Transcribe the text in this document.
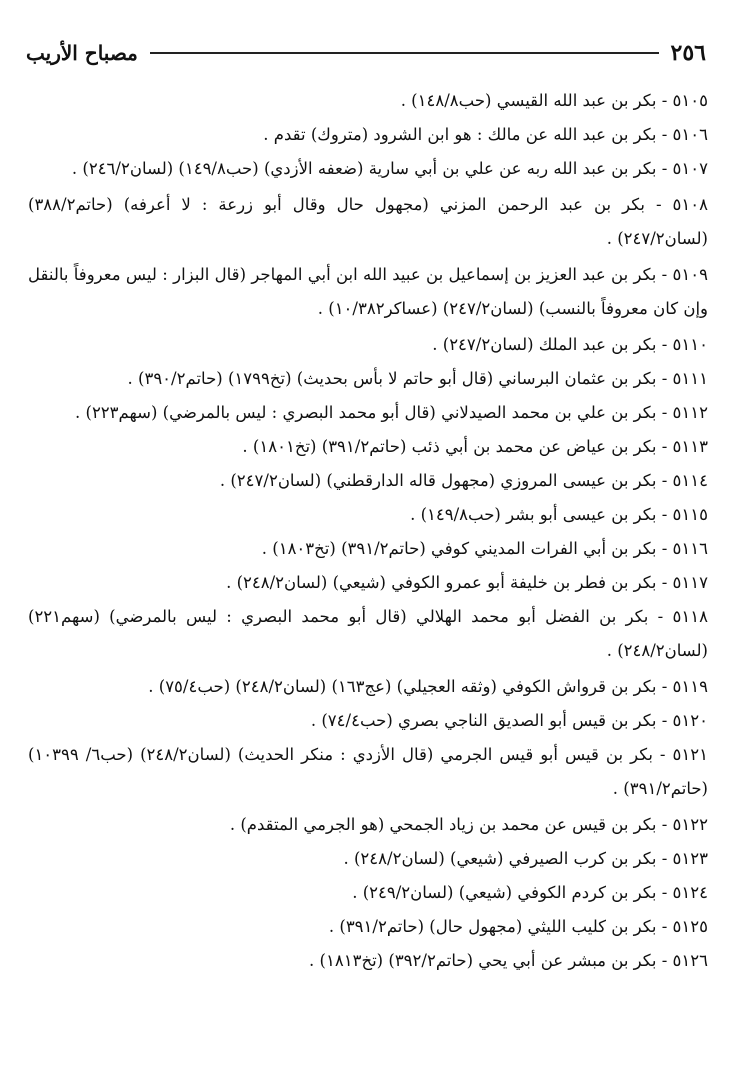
٢٥٦
مصباح الأريب
٥١٠٥ - بكر بن عبد الله القيسي (حب١٤٨/٨) .
٥١٠٦ - بكر بن عبد الله عن مالك : هو ابن الشرود (متروك) تقدم .
٥١٠٧ - بكر بن عبد الله ربه عن علي بن أبي سارية (ضعفه الأزدي) (حب١٤٩/٨) (لسان٢٤٦/٢) .
٥١٠٨ - بكر بن عبد الرحمن المزني (مجهول حال وقال أبو زرعة : لا أعرفه) (حاتم٣٨٨/٢) (لسان٢٤٧/٢) .
٥١٠٩ - بكر بن عبد العزيز بن إسماعيل بن عبيد الله ابن أبي المهاجر (قال البزار : ليس معروفاً بالنقل وإن كان معروفاً بالنسب) (لسان٢٤٧/٢) (عساكر١٠/٣٨٢) .
٥١١٠ - بكر بن عبد الملك (لسان٢٤٧/٢) .
٥١١١ - بكر بن عثمان البرساني (قال أبو حاتم لا بأس بحديث) (تخ١٧٩٩) (حاتم٣٩٠/٢) .
٥١١٢ - بكر بن علي بن محمد الصيدلاني (قال أبو محمد البصري : ليس بالمرضي) (سهم٢٢٣) .
٥١١٣ - بكر بن عياض عن محمد بن أبي ذئب (حاتم٣٩١/٢) (تخ١٨٠١) .
٥١١٤ - بكر بن عيسى المروزي (مجهول قاله الدارقطني) (لسان٢٤٧/٢) .
٥١١٥ - بكر بن عيسى أبو بشر (حب١٤٩/٨) .
٥١١٦ - بكر بن أبي الفرات المديني كوفي (حاتم٣٩١/٢) (تخ١٨٠٣) .
٥١١٧ - بكر بن فطر بن خليفة أبو عمرو الكوفي (شيعي) (لسان٢٤٨/٢) .
٥١١٨ - بكر بن الفضل أبو محمد الهلالي (قال أبو محمد البصري : ليس بالمرضي) (سهم٢٢١) (لسان٢٤٨/٢) .
٥١١٩ - بكر بن قرواش الكوفي (وثقه العجيلي) (عج١٦٣) (لسان٢٤٨/٢) (حب٧٥/٤) .
٥١٢٠ - بكر بن قيس أبو الصديق الناجي بصري (حب٧٤/٤) .
٥١٢١ - بكر بن قيس أبو قيس الجرمي (قال الأزدي : منكر الحديث) (لسان٢٤٨/٢) (حب٦/ ١٠٣٩٩) (حاتم٣٩١/٢) .
٥١٢٢ - بكر بن قيس عن محمد بن زياد الجمحي (هو الجرمي المتقدم) .
٥١٢٣ - بكر بن كرب الصيرفي (شيعي) (لسان٢٤٨/٢) .
٥١٢٤ - بكر بن كردم الكوفي (شيعي) (لسان٢٤٩/٢) .
٥١٢٥ - بكر بن كليب الليثي (مجهول حال) (حاتم٣٩١/٢) .
٥١٢٦ - بكر بن مبشر عن أبي يحي (حاتم٣٩٢/٢) (تخ١٨١٣) .
